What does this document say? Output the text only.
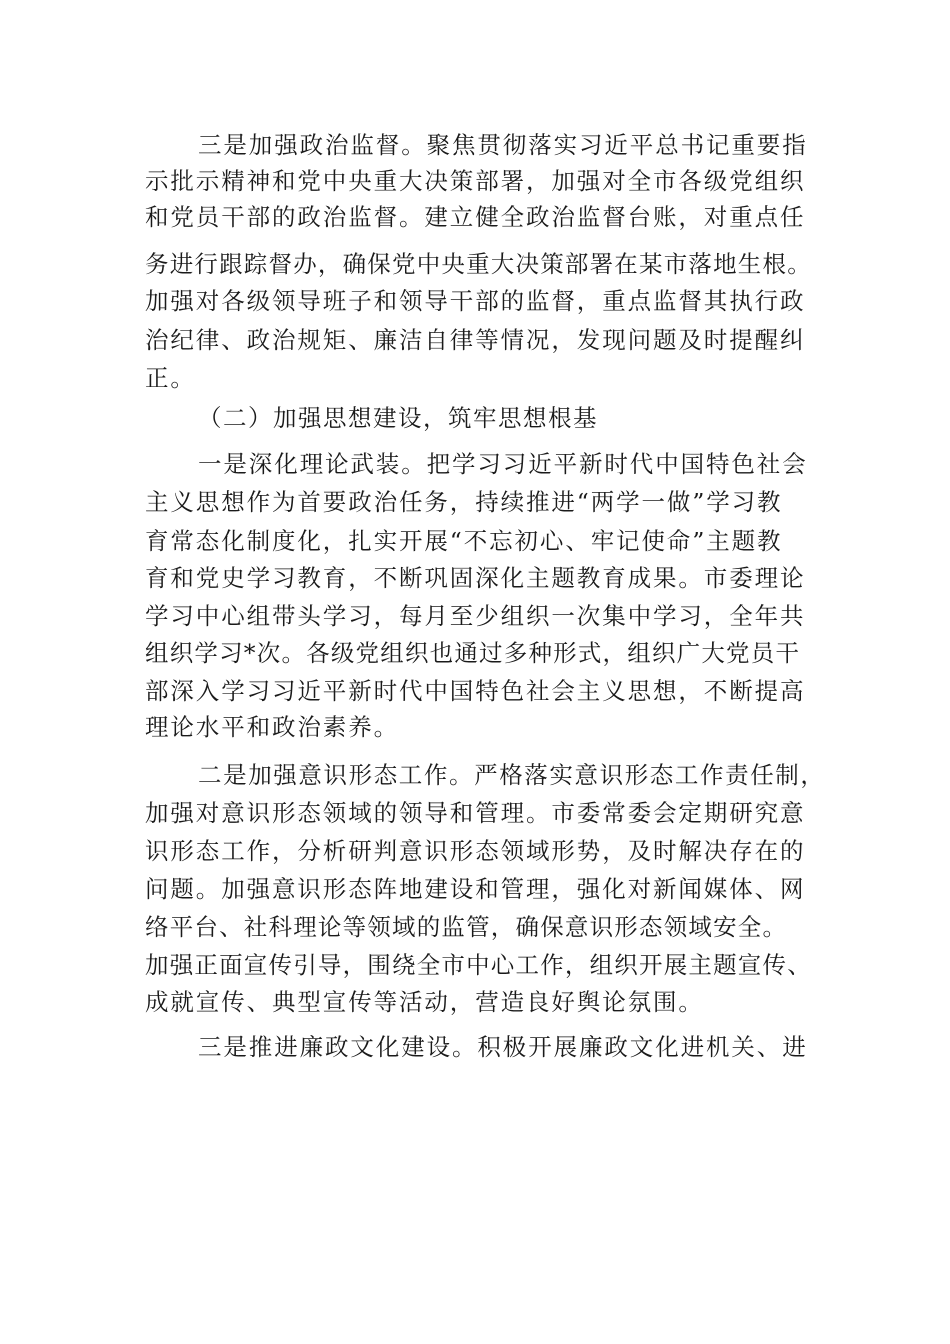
三是加强政治监督。聚焦贯彻落实习近平总书记重要指
示批示精神和党中央重大决策部署，加强对全市各级党组织
和党员干部的政治监督。建立健全政治监督台账，对重点任
务进行跟踪督办，确保党中央重大决策部署在某市落地生根。
加强对各级领导班子和领导干部的监督，重点监督其执行政
治纪律、政治规矩、廉洁自律等情况，发现问题及时提醒纠
正。
（二）加强思想建设，筑牢思想根基
一是深化理论武装。把学习习近平新时代中国特色社会
主义思想作为首要政治任务，持续推进“两学一做”学习教
育常态化制度化，扎实开展“不忘初心、牢记使命”主题教
育和党史学习教育，不断巩固深化主题教育成果。市委理论
学习中心组带头学习，每月至少组织一次集中学习，全年共
组织学习*次。各级党组织也通过多种形式，组织广大党员干
部深入学习习近平新时代中国特色社会主义思想，不断提高
理论水平和政治素养。
二是加强意识形态工作。严格落实意识形态工作责任制，
加强对意识形态领域的领导和管理。市委常委会定期研究意
识形态工作，分析研判意识形态领域形势，及时解决存在的
问题。加强意识形态阵地建设和管理，强化对新闻媒体、网
络平台、社科理论等领域的监管，确保意识形态领域安全。
加强正面宣传引导，围绕全市中心工作，组织开展主题宣传、
成就宣传、典型宣传等活动，营造良好舆论氛围。
三是推进廉政文化建设。积极开展廉政文化进机关、进
